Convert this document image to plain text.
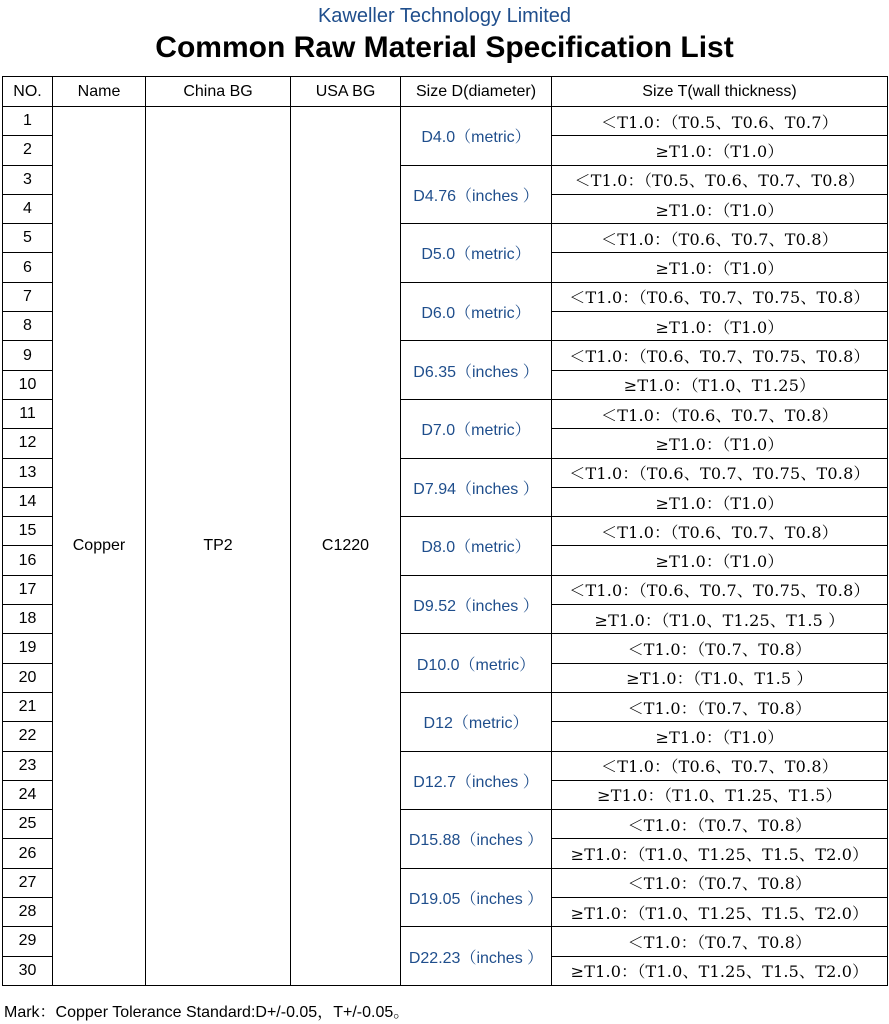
Kaweller Technology Limited
Common Raw Material Specification List
NO.	Name	China BG	USA BG	Size D(diameter)	Size T(wall thickness)
1	Copper	TP2	C1220	D4.0（metric）	＜T1.0：（T0.5、T0.6、T0.7）
2					≥T1.0：（T1.0）
3				D4.76（inches ）	＜T1.0：（T0.5、T0.6、T0.7、T0.8）
4					≥T1.0：（T1.0）
5				D5.0（metric）	＜T1.0：（T0.6、T0.7、T0.8）
6					≥T1.0：（T1.0）
7				D6.0（metric）	＜T1.0：（T0.6、T0.7、T0.75、T0.8）
8					≥T1.0：（T1.0）
9				D6.35（inches ）	＜T1.0：（T0.6、T0.7、T0.75、T0.8）
10					≥T1.0：（T1.0、T1.25）
11				D7.0（metric）	＜T1.0：（T0.6、T0.7、T0.8）
12					≥T1.0：（T1.0）
13				D7.94（inches ）	＜T1.0：（T0.6、T0.7、T0.75、T0.8）
14					≥T1.0：（T1.0）
15				D8.0（metric）	＜T1.0：（T0.6、T0.7、T0.8）
16					≥T1.0：（T1.0）
17				D9.52（inches ）	＜T1.0：（T0.6、T0.7、T0.75、T0.8）
18					≥T1.0：（T1.0、T1.25、T1.5 ）
19				D10.0（metric）	＜T1.0：（T0.7、T0.8）
20					≥T1.0：（T1.0、T1.5 ）
21				D12（metric）	＜T1.0：（T0.7、T0.8）
22					≥T1.0：（T1.0）
23				D12.7（inches ）	＜T1.0：（T0.6、T0.7、T0.8）
24					≥T1.0：（T1.0、T1.25、T1.5）
25				D15.88（inches ）	＜T1.0：（T0.7、T0.8）
26					≥T1.0：（T1.0、T1.25、T1.5、T2.0）
27				D19.05（inches ）	＜T1.0：（T0.7、T0.8）
28					≥T1.0：（T1.0、T1.25、T1.5、T2.0）
29				D22.23（inches ）	＜T1.0：（T0.7、T0.8）
30					≥T1.0：（T1.0、T1.25、T1.5、T2.0）
Mark：Copper Tolerance Standard:D+/-0.05，T+/-0.05。
